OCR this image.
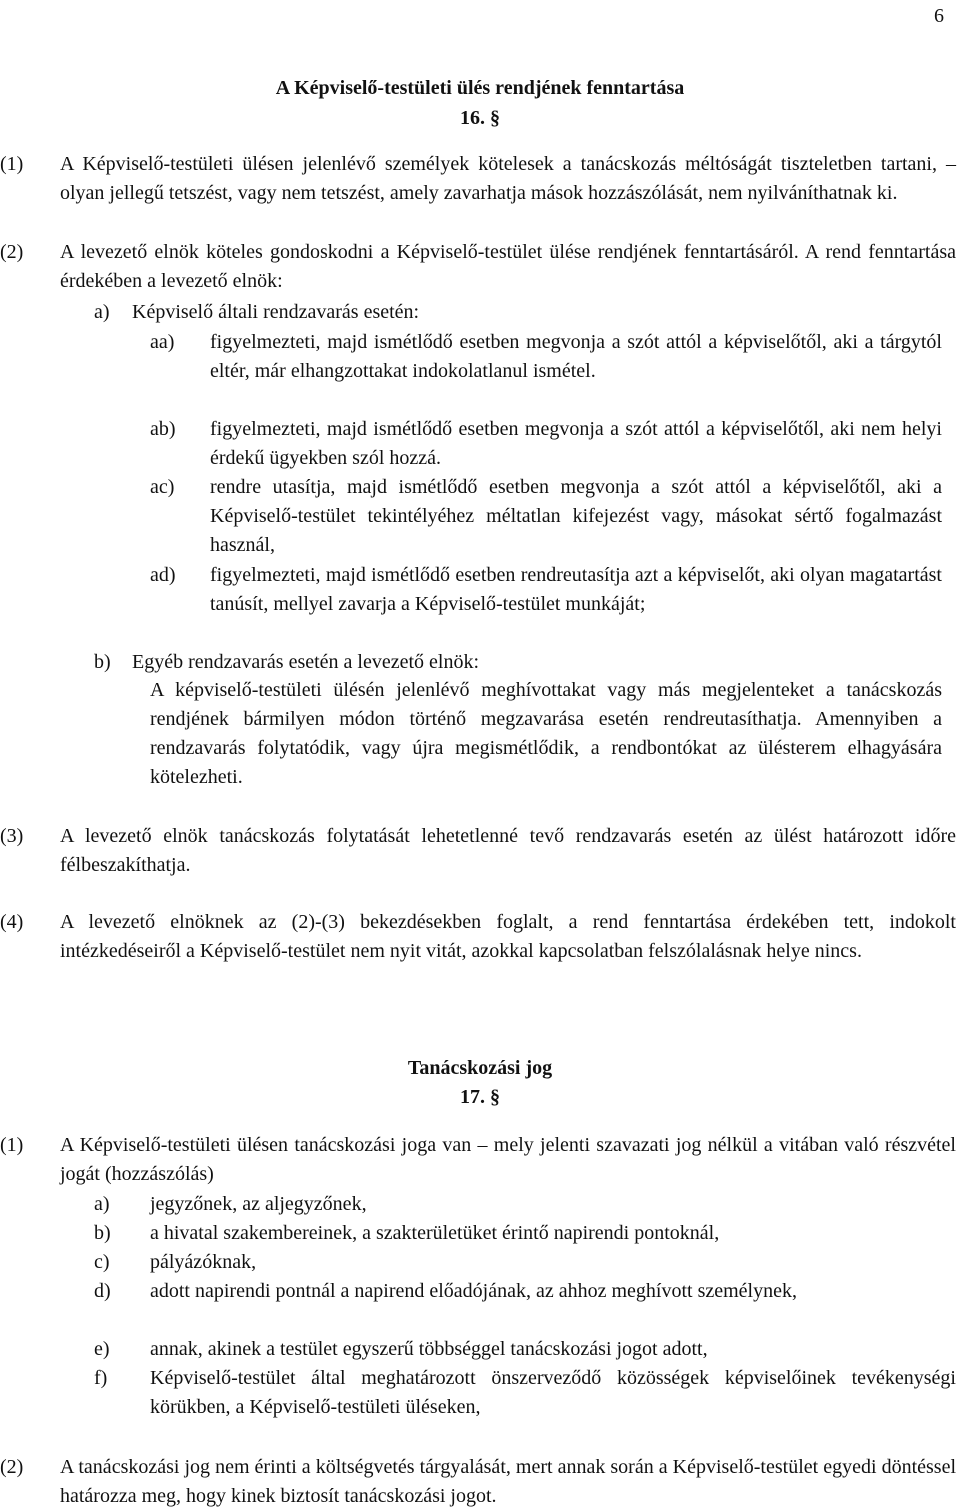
6
A Képviselő-testületi ülés rendjének fenntartása
16. §
(1) A Képviselő-testületi ülésen jelenlévő személyek kötelesek a tanácskozás méltóságát tiszteletben tartani, – olyan jellegű tetszést, vagy nem tetszést, amely zavarhatja mások hozzászólását, nem nyilváníthatnak ki.
(2) A levezető elnök köteles gondoskodni a Képviselő-testület ülése rendjének fenntartásáról. A rend fenntartása érdekében a levezető elnök:
a) Képviselő általi rendzavarás esetén:
aa) figyelmezteti, majd ismétlődő esetben megvonja a szót attól a képviselőtől, aki a tárgytól eltér, már elhangzottakat indokolatlanul ismétel.
ab) figyelmezteti, majd ismétlődő esetben megvonja a szót attól a képviselőtől, aki nem helyi érdekű ügyekben szól hozzá.
ac) rendre utasítja, majd ismétlődő esetben megvonja a szót attól a képviselőtől, aki a Képviselő-testület tekintélyéhez méltatlan kifejezést vagy, másokat sértő fogalmazást használ,
ad) figyelmezteti, majd ismétlődő esetben rendreutasítja azt a képviselőt, aki olyan magatartást tanúsít, mellyel zavarja a Képviselő-testület munkáját;
b) Egyéb rendzavarás esetén a levezető elnök:
A képviselő-testületi ülésén jelenlévő meghívottakat vagy más megjelenteket a tanácskozás rendjének bármilyen módon történő megzavarása esetén rendreutasíthatja. Amennyiben a rendzavarás folytatódik, vagy újra megismétlődik, a rendbontókat az ülésterem elhagyására kötelezheti.
(3) A levezető elnök tanácskozás folytatását lehetetlenné tevő rendzavarás esetén az ülést határozott időre félbeszakíthatja.
(4) A levezető elnöknek az (2)-(3) bekezdésekben foglalt, a rend fenntartása érdekében tett, indokolt intézkedéseiről a Képviselő-testület nem nyit vitát, azokkal kapcsolatban felszólalásnak helye nincs.
Tanácskozási jog
17. §
(1) A Képviselő-testületi ülésen tanácskozási joga van – mely jelenti szavazati jog nélkül a vitában való részvétel jogát (hozzászólás)
a) jegyzőnek, az aljegyzőnek,
b) a hivatal szakembereinek, a szakterületüket érintő napirendi pontoknál,
c) pályázóknak,
d) adott napirendi pontnál a napirend előadójának, az ahhoz meghívott személynek,
e) annak, akinek a testület egyszerű többséggel tanácskozási jogot adott,
f) Képviselő-testület által meghatározott önszerveződő közösségek képviselőinek tevékenységi körükben, a Képviselő-testületi üléseken,
(2) A tanácskozási jog nem érinti a költségvetés tárgyalását, mert annak során a Képviselő-testület egyedi döntéssel határozza meg, hogy kinek biztosít tanácskozási jogot.
